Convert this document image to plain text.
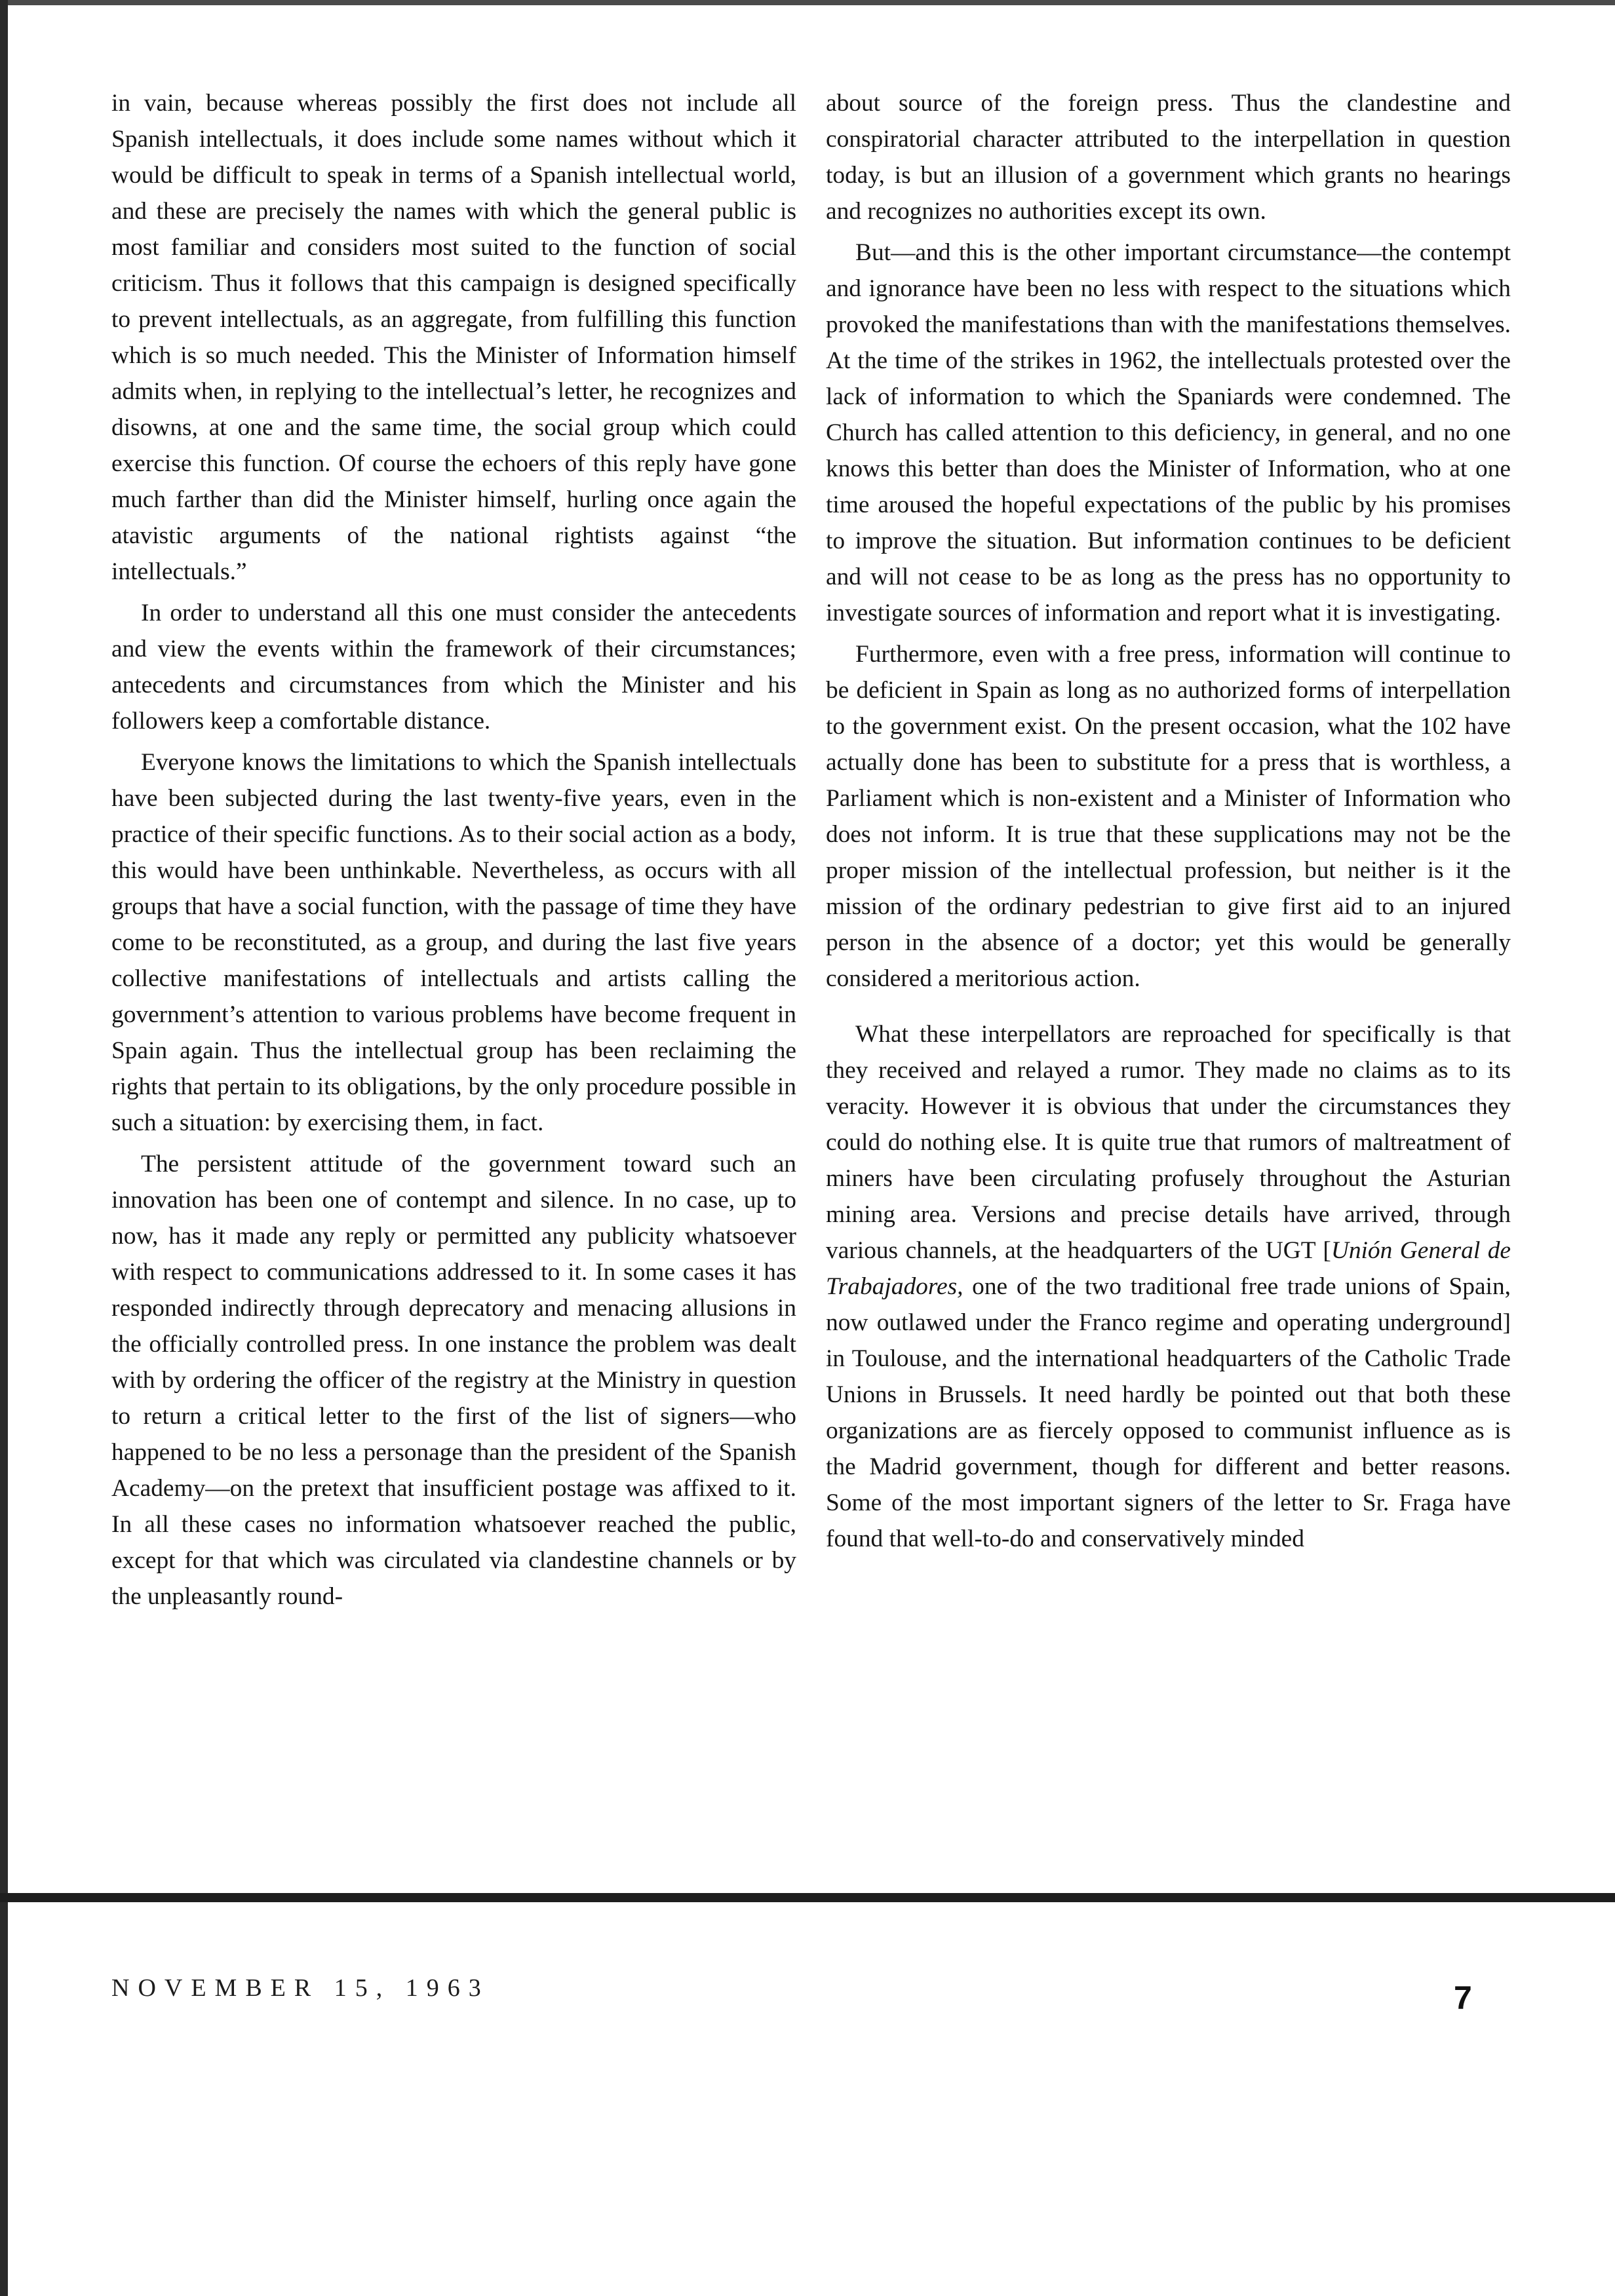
in vain, because whereas possibly the first does not include all Spanish intellectuals, it does include some names without which it would be difficult to speak in terms of a Spanish intellectual world, and these are precisely the names with which the general public is most familiar and considers most suited to the function of social criticism. Thus it follows that this campaign is designed specifically to prevent intellectuals, as an aggregate, from fulfilling this function which is so much needed. This the Minister of Information himself admits when, in replying to the intellectual’s letter, he recognizes and disowns, at one and the same time, the social group which could exercise this function. Of course the echoers of this reply have gone much farther than did the Minister himself, hurling once again the atavistic arguments of the national rightists against “the intellectuals.”

In order to understand all this one must consider the antecedents and view the events within the framework of their circumstances; antecedents and circumstances from which the Minister and his followers keep a comfortable distance.

Everyone knows the limitations to which the Spanish intellectuals have been subjected during the last twenty-five years, even in the practice of their specific functions. As to their social action as a body, this would have been unthinkable. Nevertheless, as occurs with all groups that have a social function, with the passage of time they have come to be reconstituted, as a group, and during the last five years collective manifestations of intellectuals and artists calling the government’s attention to various problems have become frequent in Spain again. Thus the intellectual group has been reclaiming the rights that pertain to its obligations, by the only procedure possible in such a situation: by exercising them, in fact.

The persistent attitude of the government toward such an innovation has been one of contempt and silence. In no case, up to now, has it made any reply or permitted any publicity whatsoever with respect to communications addressed to it. In some cases it has responded indirectly through deprecatory and menacing allusions in the officially controlled press. In one instance the problem was dealt with by ordering the officer of the registry at the Ministry in question to return a critical letter to the first of the list of signers—who happened to be no less a personage than the president of the Spanish Academy—on the pretext that insufficient postage was affixed to it. In all these cases no information whatsoever reached the public, except for that which was circulated via clandestine channels or by the unpleasantly round-

about source of the foreign press. Thus the clandestine and conspiratorial character attributed to the interpellation in question today, is but an illusion of a government which grants no hearings and recognizes no authorities except its own.

But—and this is the other important circumstance—the contempt and ignorance have been no less with respect to the situations which provoked the manifestations than with the manifestations themselves. At the time of the strikes in 1962, the intellectuals protested over the lack of information to which the Spaniards were condemned. The Church has called attention to this deficiency, in general, and no one knows this better than does the Minister of Information, who at one time aroused the hopeful expectations of the public by his promises to improve the situation. But information continues to be deficient and will not cease to be as long as the press has no opportunity to investigate sources of information and report what it is investigating.

Furthermore, even with a free press, information will continue to be deficient in Spain as long as no authorized forms of interpellation to the government exist. On the present occasion, what the 102 have actually done has been to substitute for a press that is worthless, a Parliament which is non-existent and a Minister of Information who does not inform. It is true that these supplications may not be the proper mission of the intellectual profession, but neither is it the mission of the ordinary pedestrian to give first aid to an injured person in the absence of a doctor; yet this would be generally considered a meritorious action.

What these interpellators are reproached for specifically is that they received and relayed a rumor. They made no claims as to its veracity. However it is obvious that under the circumstances they could do nothing else. It is quite true that rumors of maltreatment of miners have been circulating profusely throughout the Asturian mining area. Versions and precise details have arrived, through various channels, at the headquarters of the UGT [Unión General de Trabajadores, one of the two traditional free trade unions of Spain, now outlawed under the Franco regime and operating underground] in Toulouse, and the international headquarters of the Catholic Trade Unions in Brussels. It need hardly be pointed out that both these organizations are as fiercely opposed to communist influence as is the Madrid government, though for different and better reasons. Some of the most important signers of the letter to Sr. Fraga have found that well-to-do and conservatively minded

NOVEMBER 15, 1963	7
